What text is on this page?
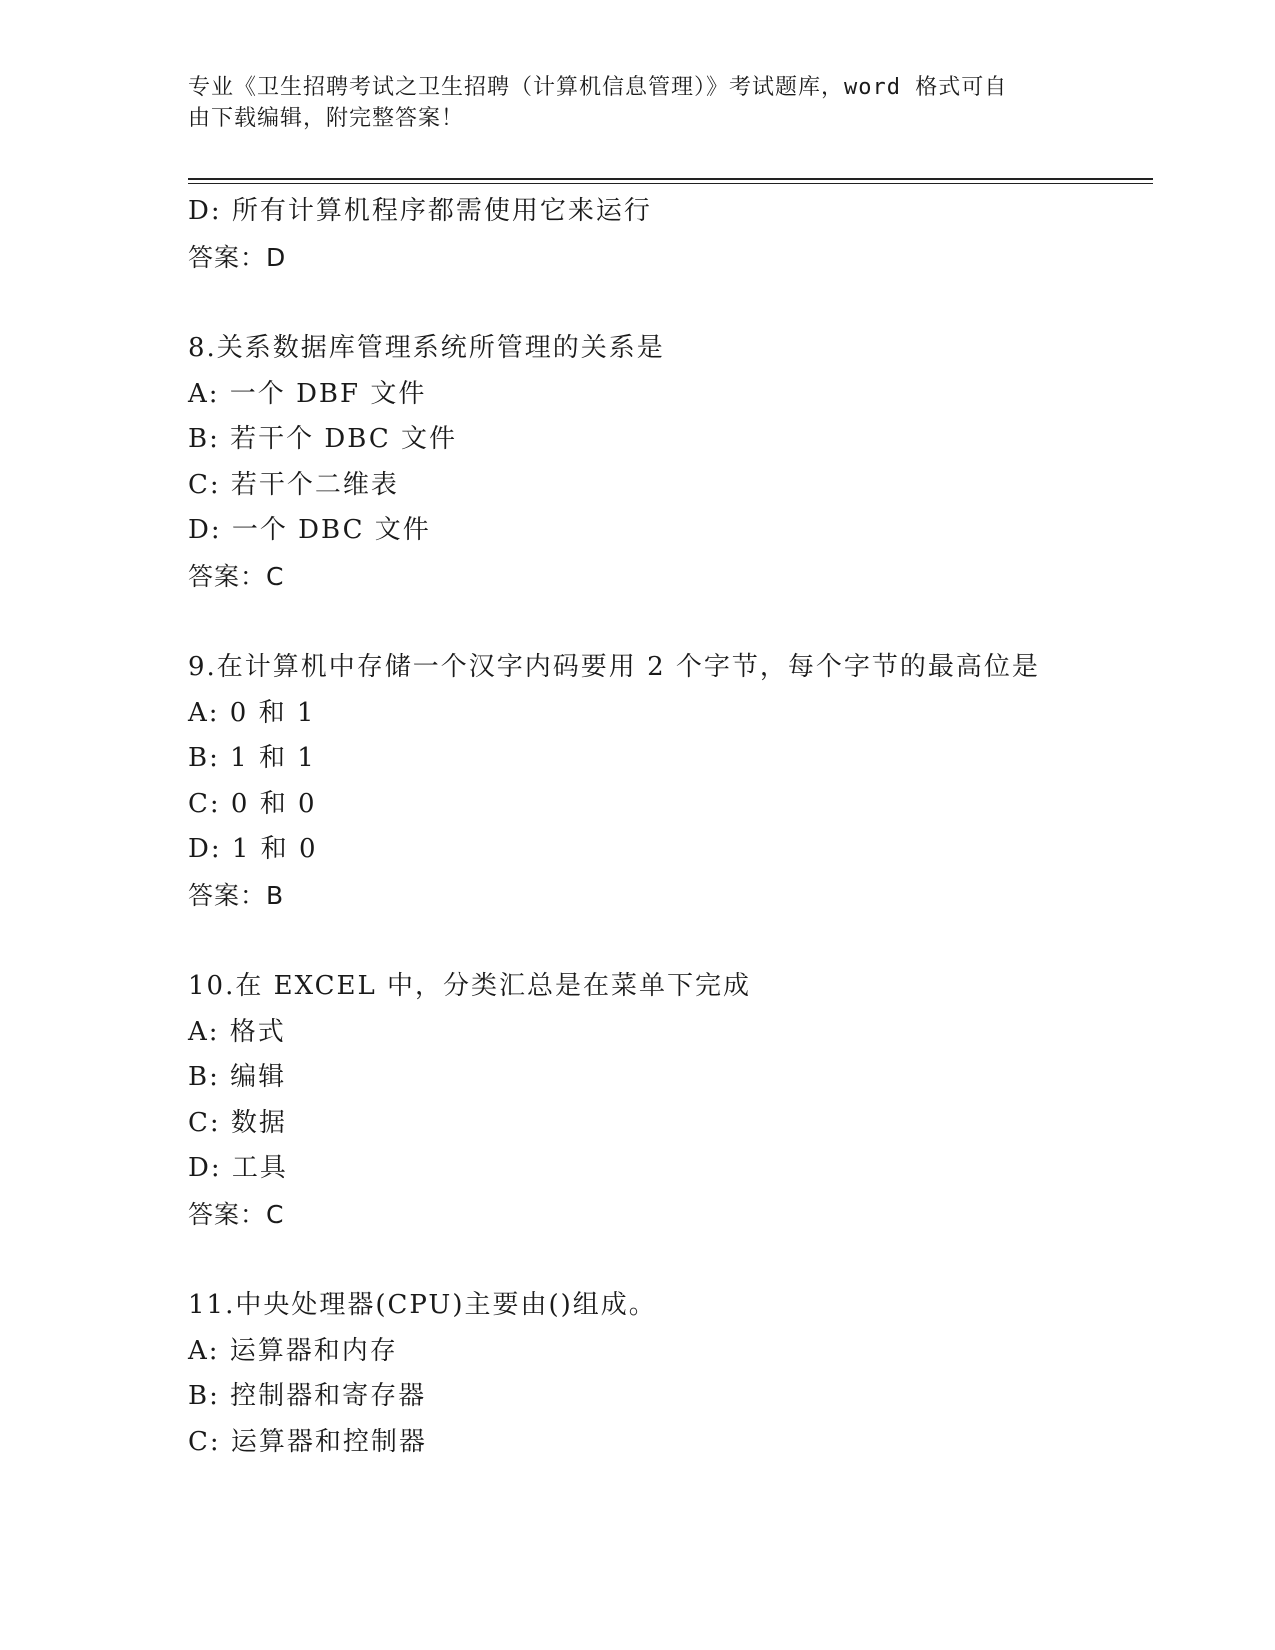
专业《卫生招聘考试之卫生招聘（计算机信息管理）》考试题库，word 格式可自
由下载编辑，附完整答案！
D: 所有计算机程序都需使用它来运行
答案：D
8.关系数据库管理系统所管理的关系是
A: 一个 DBF 文件
B: 若干个 DBC 文件
C: 若干个二维表
D: 一个 DBC 文件
答案：C
9.在计算机中存储一个汉字内码要用 2 个字节，每个字节的最高位是
A: 0 和 1
B: 1 和 1
C: 0 和 0
D: 1 和 0
答案：B
10.在 EXCEL 中，分类汇总是在菜单下完成
A: 格式
B: 编辑
C: 数据
D: 工具
答案：C
11.中央处理器(CPU)主要由()组成。
A: 运算器和内存
B: 控制器和寄存器
C: 运算器和控制器
